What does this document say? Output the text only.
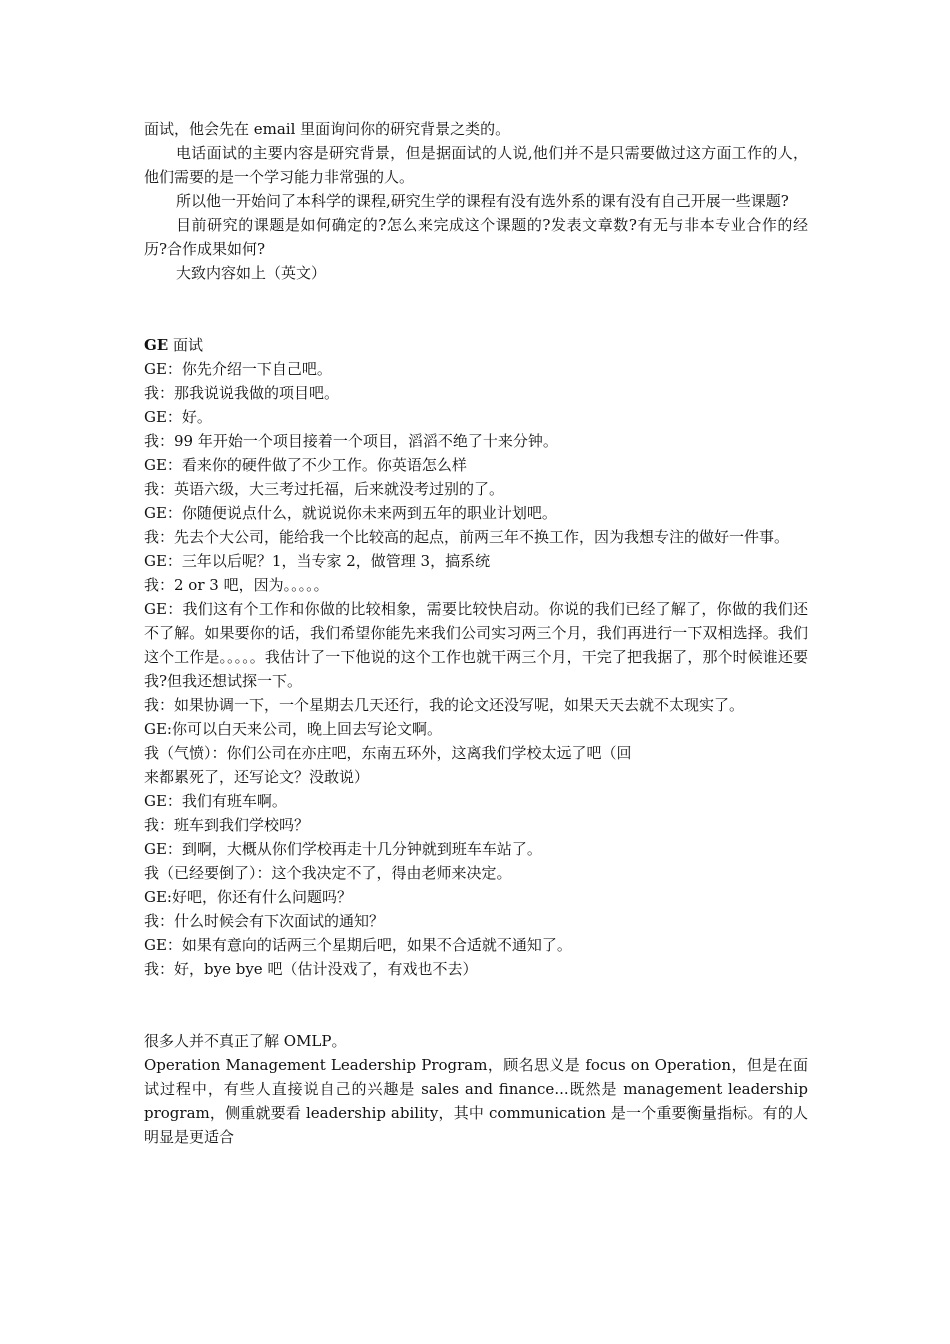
面试，他会先在 email 里面询问你的研究背景之类的。

电话面试的主要内容是研究背景，但是据面试的人说,他们并不是只需要做过这方面工作的人，他们需要的是一个学习能力非常强的人。

所以他一开始问了本科学的课程,研究生学的课程有没有选外系的课有没有自己开展一些课题?

目前研究的课题是如何确定的?怎么来完成这个课题的?发表文章数?有无与非本专业合作的经历?合作成果如何?

大致内容如上（英文）

GE 面试

GE：你先介绍一下自己吧。

我：那我说说我做的项目吧。

GE：好。

我：99 年开始一个项目接着一个项目，滔滔不绝了十来分钟。

GE：看来你的硬件做了不少工作。你英语怎么样

我：英语六级，大三考过托福，后来就没考过别的了。

GE：你随便说点什么，就说说你未来两到五年的职业计划吧。

我：先去个大公司，能给我一个比较高的起点，前两三年不换工作，因为我想专注的做好一件事。

GE：三年以后呢？1，当专家 2，做管理 3，搞系统

我：2 or 3 吧，因为。。。。。

GE：我们这有个工作和你做的比较相象，需要比较快启动。你说的我们已经了解了，你做的我们还不了解。如果要你的话，我们希望你能先来我们公司实习两三个月，我们再进行一下双相选择。我们这个工作是。。。。。我估计了一下他说的这个工作也就干两三个月，干完了把我据了，那个时候谁还要我?但我还想试探一下。

我：如果协调一下，一个星期去几天还行，我的论文还没写呢，如果天天去就不太现实了。

GE:你可以白天来公司，晚上回去写论文啊。

我（气愤）：你们公司在亦庄吧，东南五环外，这离我们学校太远了吧（回

来都累死了，还写论文？没敢说）

GE：我们有班车啊。

我：班车到我们学校吗？

GE：到啊，大概从你们学校再走十几分钟就到班车车站了。

我（已经要倒了）：这个我决定不了，得由老师来决定。

GE:好吧，你还有什么问题吗？

我：什么时候会有下次面试的通知？

GE：如果有意向的话两三个星期后吧，如果不合适就不通知了。

我：好，bye bye 吧（估计没戏了，有戏也不去）

很多人并不真正了解 OMLP。

Operation Management Leadership Program，顾名思义是 focus on Operation，但是在面试过程中，有些人直接说自己的兴趣是 sales and finance...既然是 management leadership program，侧重就要看 leadership ability，其中 communication 是一个重要衡量指标。有的人明显是更适合
